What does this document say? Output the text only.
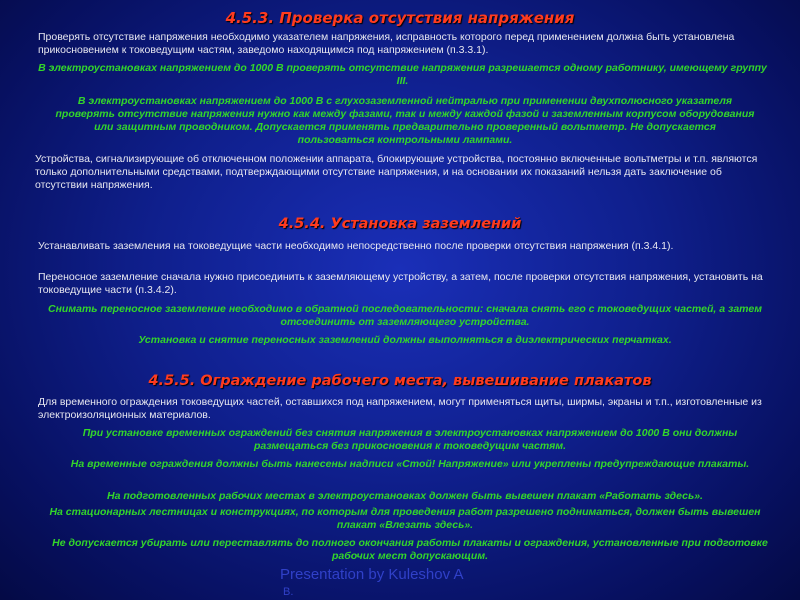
4.5.3. Проверка отсутствия напряжения
Проверять отсутствие напряжения необходимо указателем напряжения, исправность которого перед применением должна быть установлена прикосновением к токоведущим частям, заведомо находящимся под напряжением (п.3.3.1).
В электроустановках напряжением до 1000 В проверять отсутствие напряжения разрешается одному работнику, имеющему группу III.
В электроустановках напряжением до 1000 В с глухозаземленной нейтралью при применении двухполюсного указателя проверять отсутствие напряжения нужно как между фазами, так и между каждой фазой и заземленным корпусом оборудования или защитным проводником. Допускается применять предварительно проверенный вольтметр. Не допускается пользоваться контрольными лампами.
Устройства, сигнализирующие об отключенном положении аппарата, блокирующие устройства, постоянно включенные вольтметры и т.п. являются только дополнительными средствами, подтверждающими отсутствие напряжения, и на основании их показаний нельзя дать заключение об отсутствии напряжения.
4.5.4. Установка заземлений
Устанавливать заземления на токоведущие части необходимо непосредственно после проверки отсутствия напряжения (п.3.4.1).
Переносное заземление сначала нужно присоединить к заземляющему устройству, а затем, после проверки отсутствия напряжения, установить на токоведущие части (п.3.4.2).
Снимать переносное заземление необходимо в обратной последовательности: сначала снять его с токоведущих частей, а затем отсоединить от заземляющего устройства.
Установка и снятие переносных заземлений должны выполняться в диэлектрических перчатках.
4.5.5. Ограждение рабочего места, вывешивание плакатов
Для временного ограждения токоведущих частей, оставшихся под напряжением, могут применяться щиты, ширмы, экраны и т.п., изготовленные из электроизоляционных материалов.
При установке временных ограждений без снятия напряжения в электроустановках напряжением до 1000 В они должны размещаться без прикосновения к токоведущим частям.
На временные ограждения должны быть нанесены надписи «Стой! Напряжение» или укреплены предупреждающие плакаты.
На подготовленных рабочих местах в электроустановках должен быть вывешен плакат «Работать здесь».
На стационарных лестницах и конструкциях, по которым для проведения работ разрешено подниматься, должен быть вывешен плакат «Влезать здесь».
Не допускается убирать или переставлять до полного окончания работы плакаты и ограждения, установленные при подготовке рабочих мест допускающим.
Presentation by Kuleshov A
B.
